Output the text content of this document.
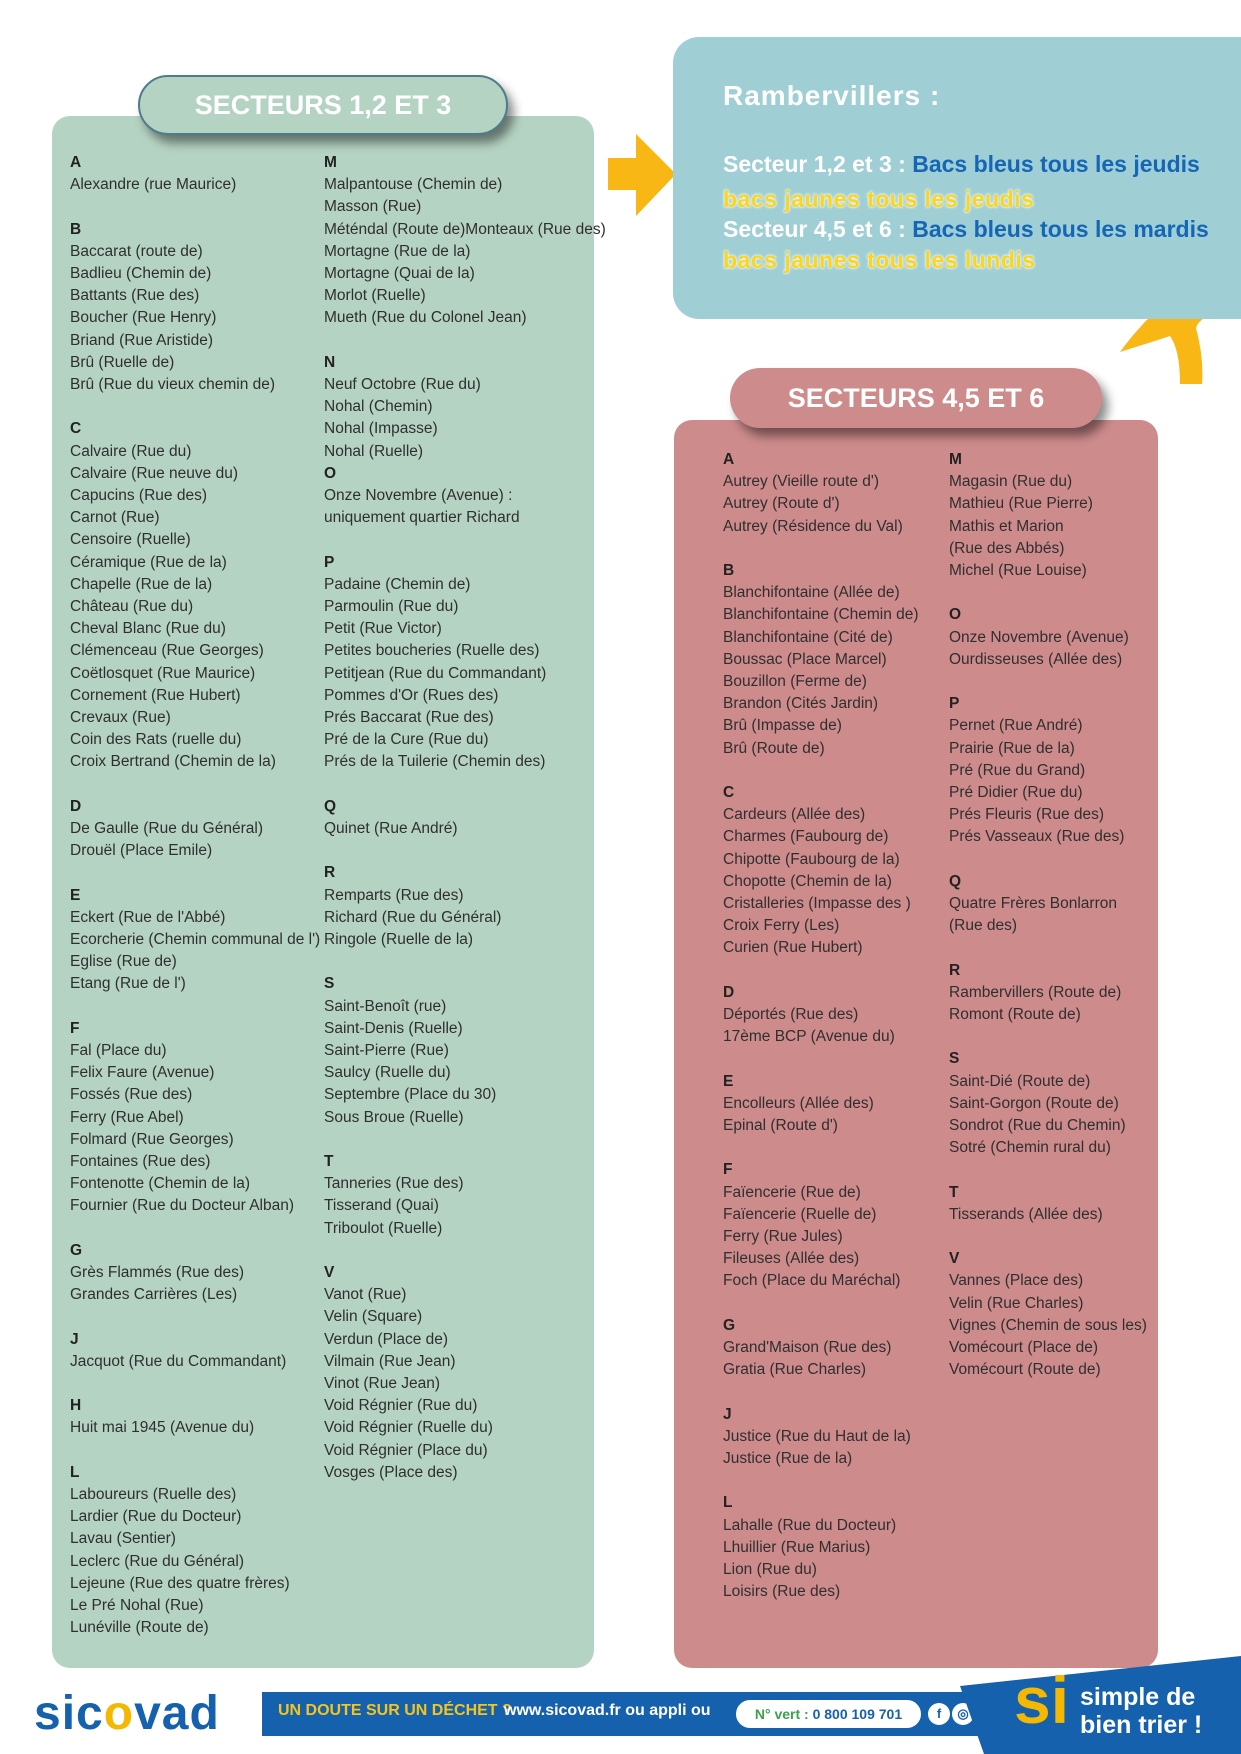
SECTEURS 1,2 ET 3
A
Alexandre (rue Maurice)
B
Baccarat (route de)
Badlieu (Chemin de)
Battants (Rue des)
Boucher (Rue Henry)
Briand (Rue Aristide)
Brû (Ruelle de)
Brû (Rue du vieux chemin de)
C
Calvaire (Rue du)
Calvaire (Rue neuve du)
Capucins (Rue des)
Carnot (Rue)
Censoire (Ruelle)
Céramique (Rue de la)
Chapelle (Rue de la)
Château (Rue du)
Cheval Blanc (Rue du)
Clémenceau (Rue Georges)
Coëtlosquet (Rue Maurice)
Cornement (Rue Hubert)
Crevaux (Rue)
Coin des Rats (ruelle du)
Croix Bertrand (Chemin de la)
D
De Gaulle (Rue du Général)
Drouël (Place Emile)
E
Eckert (Rue de l'Abbé)
Ecorcherie (Chemin communal de l')
Eglise (Rue de)
Etang (Rue de l')
F
Fal (Place du)
Felix Faure (Avenue)
Fossés (Rue des)
Ferry (Rue Abel)
Folmard (Rue Georges)
Fontaines (Rue des)
Fontenotte (Chemin de la)
Fournier (Rue du Docteur Alban)
G
Grès Flammés (Rue des)
Grandes Carrières (Les)
J
Jacquot (Rue du Commandant)
H
Huit mai 1945 (Avenue du)
L
Laboureurs (Ruelle des)
Lardier (Rue du Docteur)
Lavau (Sentier)
Leclerc (Rue du Général)
Lejeune (Rue des quatre frères)
Le Pré Nohal (Rue)
Lunéville (Route de)
M
Malpantouse (Chemin de)
Masson (Rue)
Météndal (Route de)Monteaux (Rue des)
Mortagne (Rue de la)
Mortagne (Quai de la)
Morlot (Ruelle)
Mueth (Rue du Colonel Jean)
N
Neuf Octobre (Rue du)
Nohal (Chemin)
Nohal (Impasse)
Nohal (Ruelle)
O
Onze Novembre (Avenue) :
uniquement quartier Richard
P
Padaine (Chemin de)
Parmoulin (Rue du)
Petit (Rue Victor)
Petites boucheries (Ruelle des)
Petitjean (Rue du Commandant)
Pommes d'Or (Rues des)
Prés Baccarat (Rue des)
Pré de la Cure (Rue du)
Prés de la Tuilerie (Chemin des)
Q
Quinet (Rue André)
R
Remparts (Rue des)
Richard (Rue du Général)
Ringole (Ruelle de la)
S
Saint-Benoît (rue)
Saint-Denis (Ruelle)
Saint-Pierre (Rue)
Saulcy (Ruelle du)
Septembre (Place du 30)
Sous Broue (Ruelle)
T
Tanneries (Rue des)
Tisserand (Quai)
Triboulot (Ruelle)
V
Vanot (Rue)
Velin (Square)
Verdun (Place de)
Vilmain (Rue Jean)
Vinot (Rue Jean)
Void Régnier (Rue du)
Void Régnier (Ruelle du)
Void Régnier (Place du)
Vosges (Place des)
Rambervillers :
Secteur 1,2 et 3 : Bacs bleus tous les jeudis
bacs jaunes tous les jeudis
Secteur 4,5 et 6 : Bacs bleus tous les mardis
bacs jaunes tous les lundis
SECTEURS 4,5 ET 6
A
Autrey (Vieille route d')
Autrey (Route d')
Autrey (Résidence du Val)
B
Blanchifontaine (Allée de)
Blanchifontaine (Chemin de)
Blanchifontaine (Cité de)
Boussac (Place Marcel)
Bouzillon (Ferme de)
Brandon (Cités Jardin)
Brû (Impasse de)
Brû (Route de)
C
Cardeurs (Allée des)
Charmes (Faubourg de)
Chipotte (Faubourg de la)
Chopotte (Chemin de la)
Cristalleries (Impasse des )
Croix Ferry (Les)
Curien (Rue Hubert)
D
Déportés (Rue des)
17ème BCP (Avenue du)
E
Encolleurs (Allée des)
Epinal (Route d')
F
Faïencerie (Rue de)
Faïencerie (Ruelle de)
Ferry (Rue Jules)
Fileuses (Allée des)
Foch (Place du Maréchal)
G
Grand'Maison (Rue des)
Gratia (Rue Charles)
J
Justice (Rue du Haut de la)
Justice (Rue de la)
L
Lahalle (Rue du Docteur)
Lhuillier (Rue Marius)
Lion (Rue du)
Loisirs (Rue des)
M
Magasin (Rue du)
Mathieu (Rue Pierre)
Mathis et Marion
(Rue des Abbés)
Michel (Rue Louise)
O
Onze Novembre (Avenue)
Ourdisseuses (Allée des)
P
Pernet (Rue André)
Prairie (Rue de la)
Pré (Rue du Grand)
Pré Didier (Rue du)
Prés Fleuris (Rue des)
Prés Vasseaux (Rue des)
Q
Quatre Frères Bonlarron
(Rue des)
R
Rambervillers (Route de)
Romont (Route de)
S
Saint-Dié (Route de)
Saint-Gorgon (Route de)
Sondrot (Rue du Chemin)
Sotré (Chemin rural du)
T
Tisserands (Allée des)
V
Vannes (Place des)
Velin (Rue Charles)
Vignes (Chemin de sous les)
Vomécourt (Place de)
Vomécourt (Route de)
sicovad	UN DOUTE SUR UN DÉCHET ?
www.sicovad.fr ou appli ou	N° vert : 0 800 109 701	f	◎ si simple de
bien trier !
